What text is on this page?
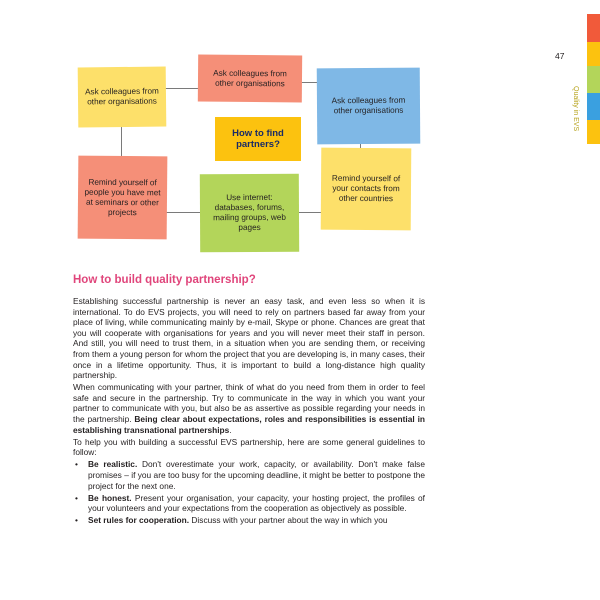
Ask colleagues from other organisations
Ask colleagues from other organisations
Ask colleagues from other organisations
How to find partners?
Remind yourself of people you have met at seminars or other projects
Use internet: databases, forums, mailing groups, web pages
Remind yourself of your contacts from other countries
47
Quality in EVS
How to build quality partnership?

Establishing successful partnership is never an easy task, and even less so when it is international. To do EVS projects, you will need to rely on partners based far away from your place of living, while communicating mainly by e-mail, Skype or phone. Chances are great that you will cooperate with organisations for years and you will never meet their staff in person. And still, you will need to trust them, in a situation when you are sending them, or receiving from them a young person for whom the project that you are developing is, in many cases, their once in a lifetime opportunity. Thus, it is important to build a long-distance high quality partnership.

When communicating with your partner, think of what do you need from them in order to feel safe and secure in the partnership. Try to communicate in the way in which you want your partner to communicate with you, but also be as assertive as possible regarding your needs in the partnership. Being clear about expectations, roles and responsibilities is essential in establishing transnational partnerships.

To help you with building a successful EVS partnership, here are some general guidelines to follow:

• Be realistic. Don't overestimate your work, capacity, or availability. Don't make false promises – if you are too busy for the upcoming deadline, it might be better to postpone the project for the next one.
• Be honest. Present your organisation, your capacity, your hosting project, the profiles of your volunteers and your expectations from the cooperation as objectively as possible.
• Set rules for cooperation. Discuss with your partner about the way in which you
